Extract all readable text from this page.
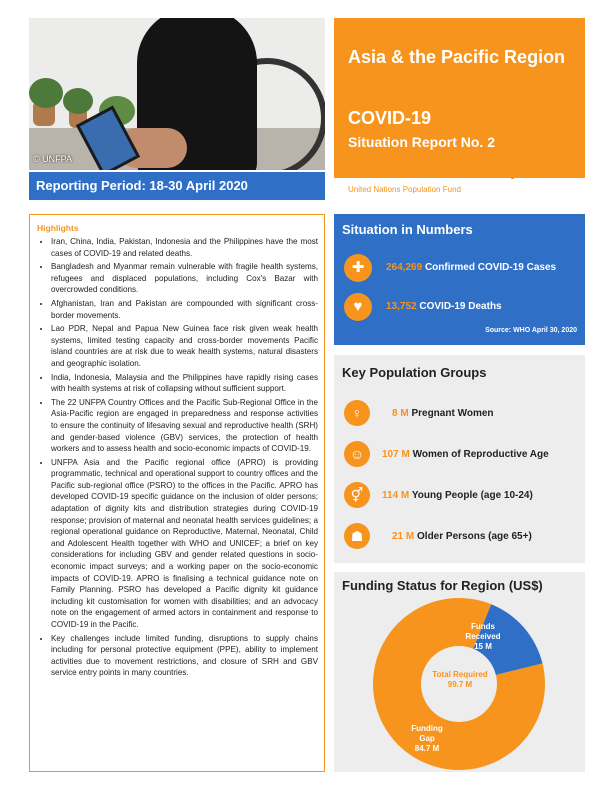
© UNFPA
Asia & the Pacific Region
COVID-19
Situation Report No. 2
Reporting Period: 18-30 April 2020
✱ UNFPA
United Nations Population Fund
Highlights
• Iran, China, India, Pakistan, Indonesia and the Philippines have the most cases of COVID-19 and related deaths.
• Bangladesh and Myanmar remain vulnerable with fragile health systems, refugees and displaced populations, including Cox's Bazar with overcrowded conditions.
• Afghanistan, Iran and Pakistan are compounded with significant cross-border movements.
• Lao PDR, Nepal and Papua New Guinea face risk given weak health systems, limited testing capacity and cross-border movements Pacific island countries are at risk due to weak health systems, natural disasters and geographic isolation.
• India, Indonesia, Malaysia and the Philippines have rapidly rising cases with health systems at risk of collapsing without sufficient support.
• The 22 UNFPA Country Offices and the Pacific Sub-Regional Office in the Asia-Pacific region are engaged in preparedness and response activities to ensure the continuity of lifesaving sexual and reproductive health (SRH) and gender-based violence (GBV) services, the protection of health workers and to assess health and socio-economic impacts of COVID-19.
• UNFPA Asia and the Pacific regional office (APRO) is providing programmatic, technical and operational support to country offices and the Pacific sub-regional office (PSRO) to the offices in the Pacific. APRO has developed COVID-19 specific guidance on the inclusion of older persons; adaptation of dignity kits and distribution strategies during COVID-19 response; provision of maternal and neonatal health services guidelines; a regional operational guidance on Reproductive, Maternal, Neonatal, Child and Adolescent Health together with WHO and UNICEF; a brief on key considerations for including GBV and gender related questions in socio-economic impact surveys; and a working paper on the socio-economic impacts of COVID-19. APRO is finalising a technical guidance note on Family Planning. PSRO has developed a Pacific dignity kit guidance including kit customisation for women with disabilities; and an advocacy note on the engagement of armed actors in containment and response to COVID-19 in the Pacific.
• Key challenges include limited funding, disruptions to supply chains including for personal protective equipment (PPE), ability to implement activities due to movement restrictions, and closure of SRH and GBV service entry points in many countries.
Situation in Numbers
✚	264,269 Confirmed COVID-19 Cases
♥	13,752 COVID-19 Deaths
Source: WHO April 30, 2020
Key Population Groups
♀	8 M Pregnant Women
☺	107 M Women of Reproductive Age
⚥	114 M Young People (age 10-24)
☗	21 M Older Persons (age 65+)
Funding Status for Region (US$)
Funds Received
15 M
Total Required
99.7 M
Funding Gap
84.7 M
